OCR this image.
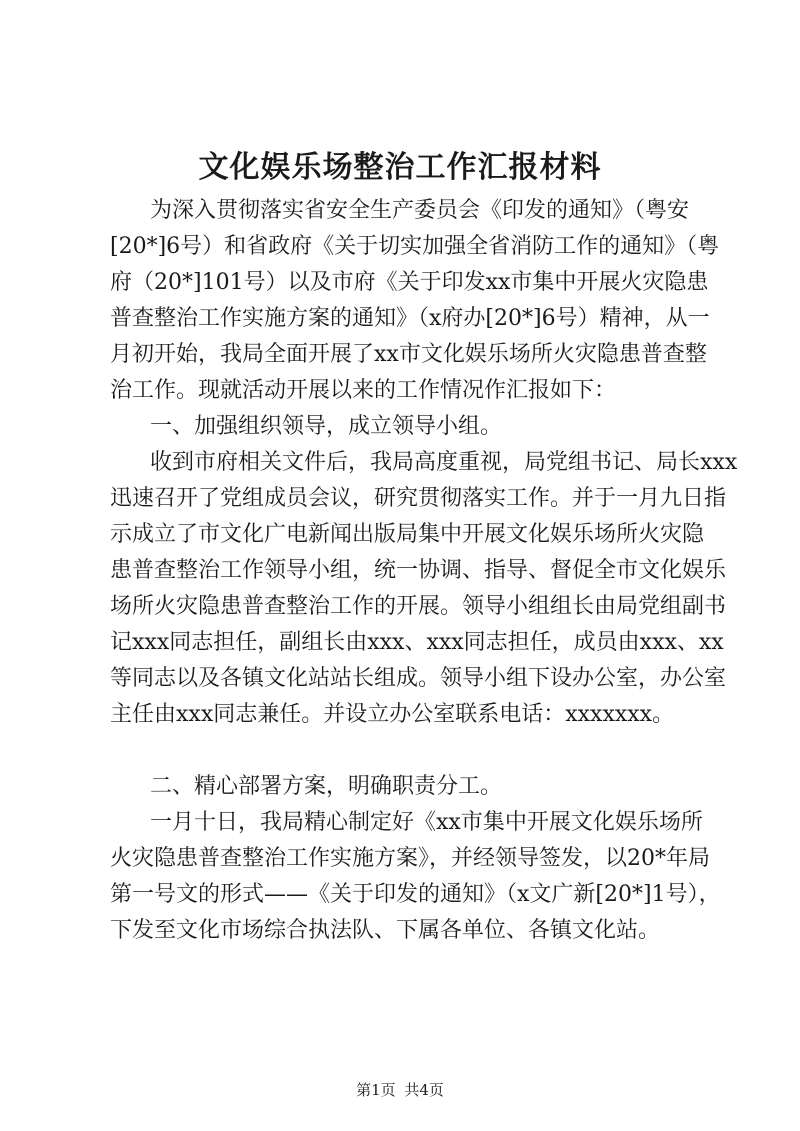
文化娱乐场整治工作汇报材料
为深入贯彻落实省安全生产委员会《印发的通知》（粤安
[20*]6号）和省政府《关于切实加强全省消防工作的通知》（粤
府（20*]101号）以及市府《关于印发xx市集中开展火灾隐患
普查整治工作实施方案的通知》（x府办[20*]6号）精神，从一
月初开始，我局全面开展了xx市文化娱乐场所火灾隐患普查整
治工作。现就活动开展以来的工作情况作汇报如下：
一、加强组织领导，成立领导小组。
收到市府相关文件后，我局高度重视，局党组书记、局长xxx
迅速召开了党组成员会议，研究贯彻落实工作。并于一月九日指
示成立了市文化广电新闻出版局集中开展文化娱乐场所火灾隐
患普查整治工作领导小组，统一协调、指导、督促全市文化娱乐
场所火灾隐患普查整治工作的开展。领导小组组长由局党组副书
记xxx同志担任，副组长由xxx、xxx同志担任，成员由xxx、xx
等同志以及各镇文化站站长组成。领导小组下设办公室，办公室
主任由xxx同志兼任。并设立办公室联系电话：xxxxxxx。
二、精心部署方案，明确职责分工。
一月十日，我局精心制定好《xx市集中开展文化娱乐场所
火灾隐患普查整治工作实施方案》，并经领导签发，以20*年局
第一号文的形式——《关于印发的通知》（x文广新[20*]1号），
下发至文化市场综合执法队、下属各单位、各镇文化站。
第1页 共4页
